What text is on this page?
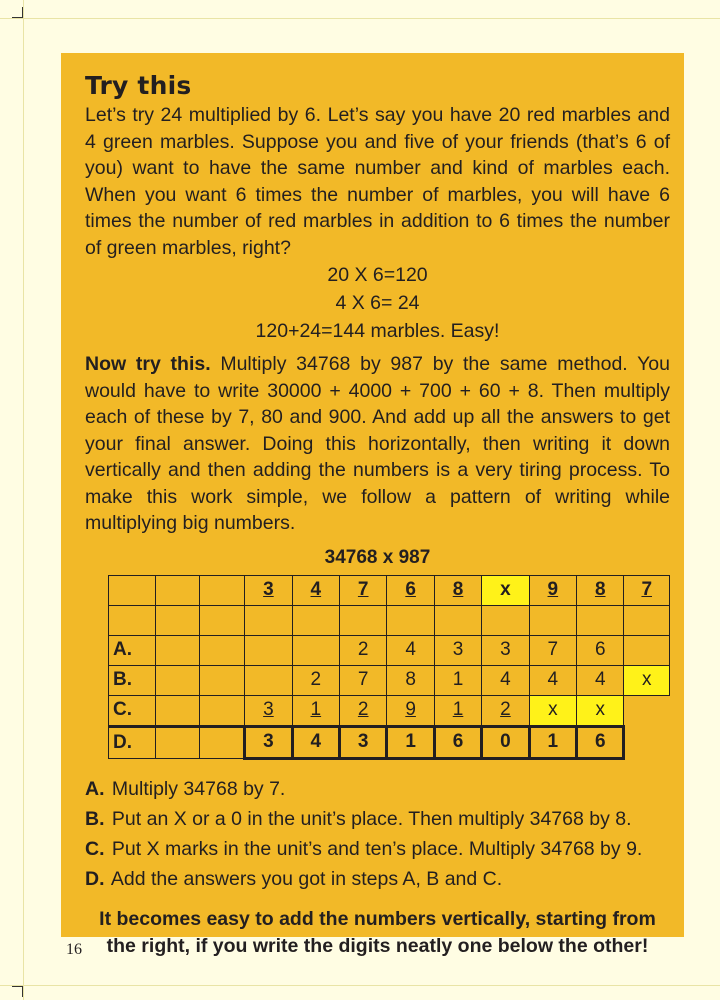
Try this

Let’s try 24 multiplied by 6. Let’s say you have 20 red marbles and 4 green marbles. Suppose you and five of your friends (that’s 6 of you) want to have the same number and kind of marbles each. When you want 6 times the number of marbles, you will have 6 times the number of red marbles in addition to 6 times the number of green marbles, right?

20 X 6=120

4 X 6= 24

120+24=144 marbles. Easy!

Now try this. Multiply 34768 by 987 by the same method. You would have to write 30000 + 4000 + 700 + 60 + 8. Then multiply each of these by 7, 80 and 900. And add up all the answers to get your final answer. Doing this horizontally, then writing it down vertically and then adding the numbers is a very tiring process. To make this work simple, we follow a pattern of writing while multiplying big numbers.

34768 x 987
			3	4	7	6	8	x	9	8	7

A.					2	4	3	3	7	6	
B.				2	7	8	1	4	4	4	x
C.			3	1	2	9	1	2	x	x
D.			3	4	3	1	6	0	1	6	

A. Multiply 34768 by 7.

B. Put an X or a 0 in the unit’s place. Then multiply 34768 by 8.

C. Put X marks in the unit’s and ten’s place. Multiply 34768 by 9.

D. Add the answers you got in steps A, B and C.

It becomes easy to add the numbers vertically, starting from the right, if you write the digits neatly one below the other!
16
